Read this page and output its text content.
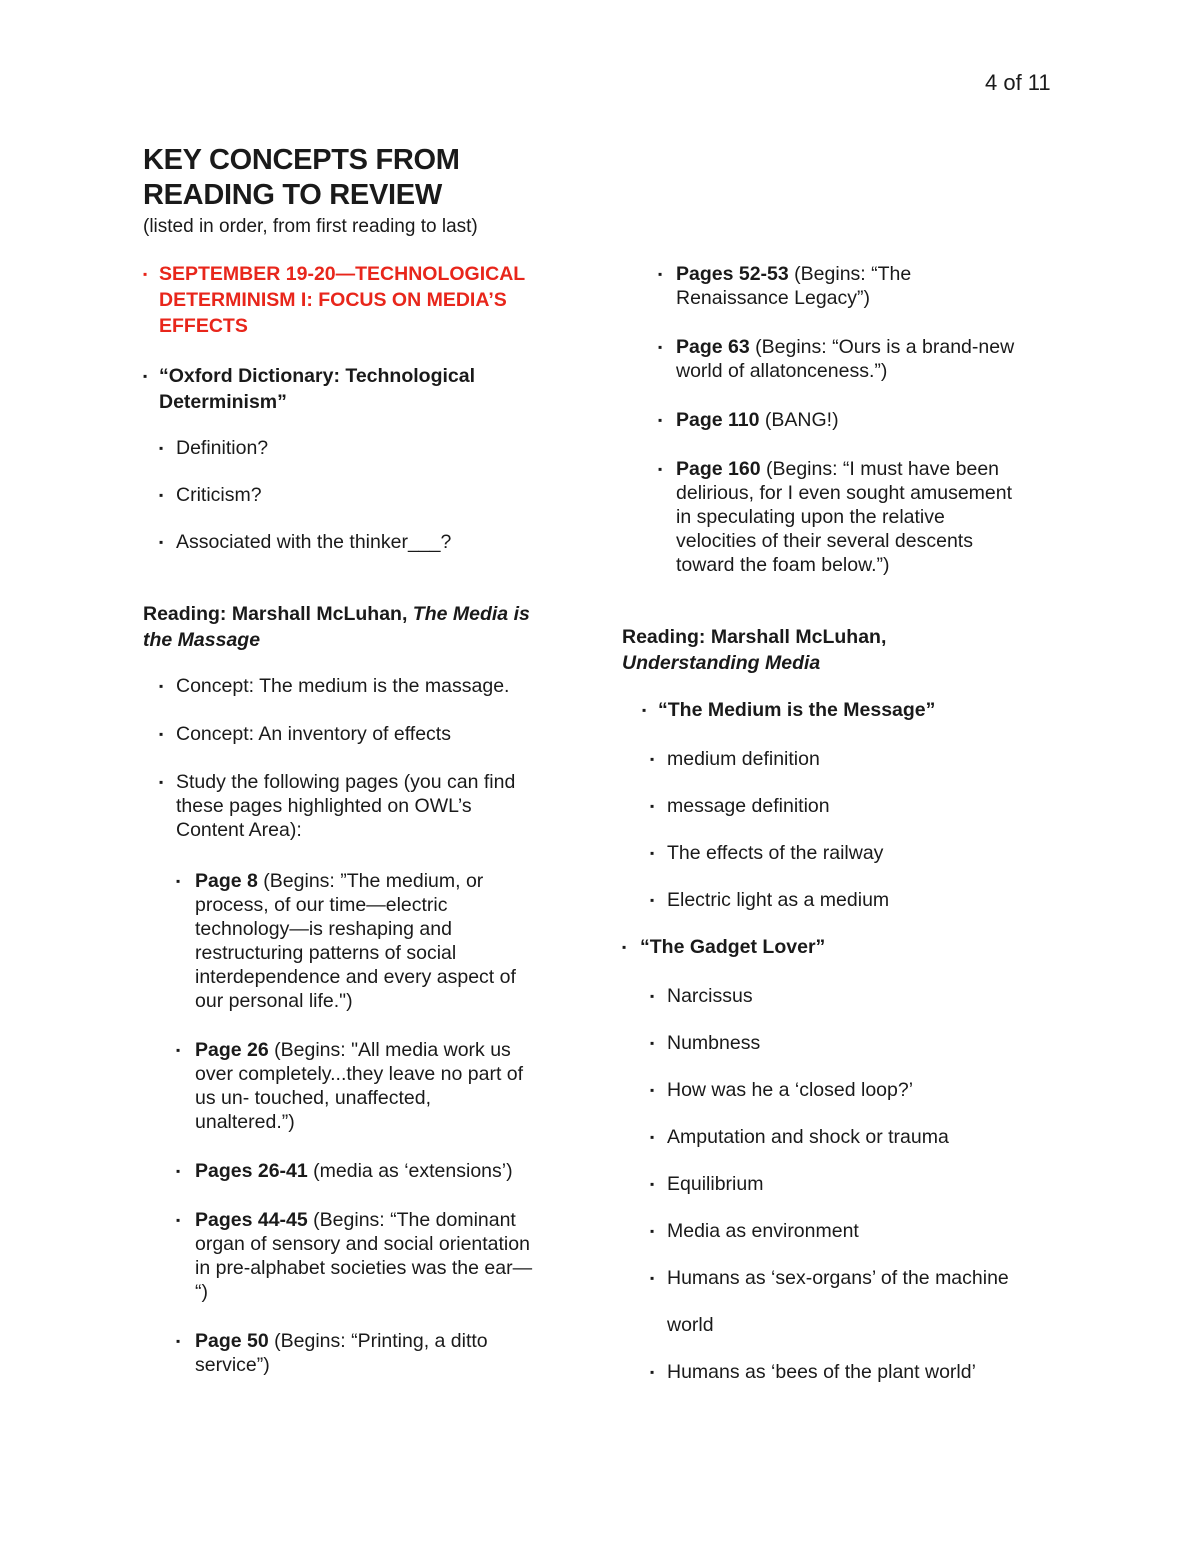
4 of 11
KEY CONCEPTS FROM
READING TO REVIEW
(listed in order, from first reading to last)
▪ SEPTEMBER 19-20—TECHNOLOGICAL
DETERMINISM I: FOCUS ON MEDIA’S
EFFECTS
▪ “Oxford Dictionary: Technological
Determinism”
▪ Definition?
▪ Criticism?
▪ Associated with the thinker___?
Reading: Marshall McLuhan, The Media is
the Massage
▪ Concept: The medium is the massage.
▪ Concept: An inventory of effects
▪ Study the following pages (you can find
these pages highlighted on OWL’s
Content Area):
▪ Page 8 (Begins: ”The medium, or
process, of our time—electric
technology—is reshaping and
restructuring patterns of social
interdependence and every aspect of
our personal life.")
▪ Page 26 (Begins: "All media work us
over completely...they leave no part of
us un- touched, unaffected,
unaltered.”)
▪ Pages 26-41 (media as ‘extensions’)
▪ Pages 44-45 (Begins: “The dominant
organ of sensory and social orientation
in pre-alphabet societies was the ear—
“)
▪ Page 50 (Begins: “Printing, a ditto
service”)
▪ Pages 52-53 (Begins: “The
Renaissance Legacy”)
▪ Page 63 (Begins: “Ours is a brand-new
world of allatonceness.”)
▪ Page 110 (BANG!)
▪ Page 160 (Begins: “I must have been
delirious, for I even sought amusement
in speculating upon the relative
velocities of their several descents
toward the foam below.”)
Reading: Marshall McLuhan,
Understanding Media
▪ “The Medium is the Message”
▪ medium definition
▪ message definition
▪ The effects of the railway
▪ Electric light as a medium
▪ “The Gadget Lover”
▪ Narcissus
▪ Numbness
▪ How was he a ‘closed loop?’
▪ Amputation and shock or trauma
▪ Equilibrium
▪ Media as environment
▪ Humans as ‘sex-organs’ of the machine
world
▪ Humans as ‘bees of the plant world’
